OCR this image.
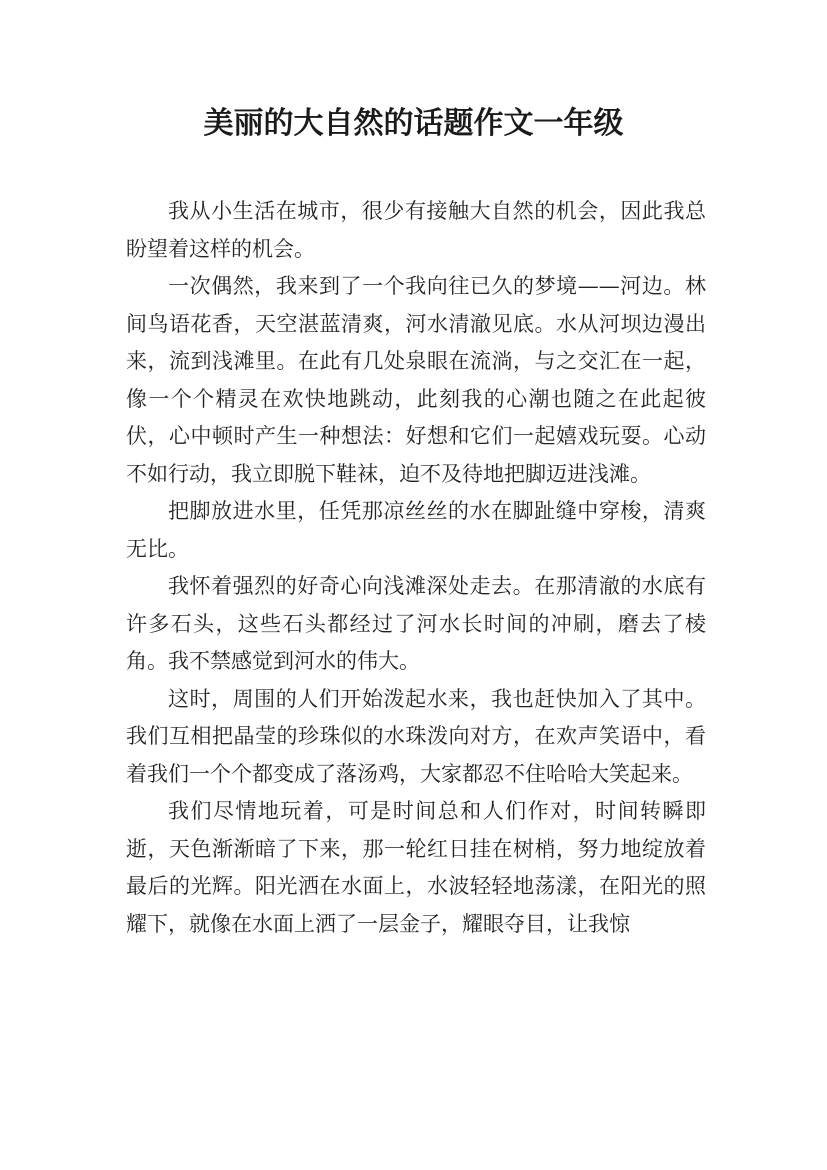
美丽的大自然的话题作文一年级

我从小生活在城市，很少有接触大自然的机会，因此我总盼望着这样的机会。

一次偶然，我来到了一个我向往已久的梦境——河边。林间鸟语花香，天空湛蓝清爽，河水清澈见底。水从河坝边漫出来，流到浅滩里。在此有几处泉眼在流淌，与之交汇在一起，像一个个精灵在欢快地跳动，此刻我的心潮也随之在此起彼伏，心中顿时产生一种想法：好想和它们一起嬉戏玩耍。心动不如行动，我立即脱下鞋袜，迫不及待地把脚迈进浅滩。

把脚放进水里，任凭那凉丝丝的水在脚趾缝中穿梭，清爽无比。

我怀着强烈的好奇心向浅滩深处走去。在那清澈的水底有许多石头，这些石头都经过了河水长时间的冲刷，磨去了棱角。我不禁感觉到河水的伟大。

这时，周围的人们开始泼起水来，我也赶快加入了其中。我们互相把晶莹的珍珠似的水珠泼向对方，在欢声笑语中，看着我们一个个都变成了落汤鸡，大家都忍不住哈哈大笑起来。

我们尽情地玩着，可是时间总和人们作对，时间转瞬即逝，天色渐渐暗了下来，那一轮红日挂在树梢，努力地绽放着最后的光辉。阳光洒在水面上，水波轻轻地荡漾，在阳光的照耀下，就像在水面上洒了一层金子，耀眼夺目，让我惊
